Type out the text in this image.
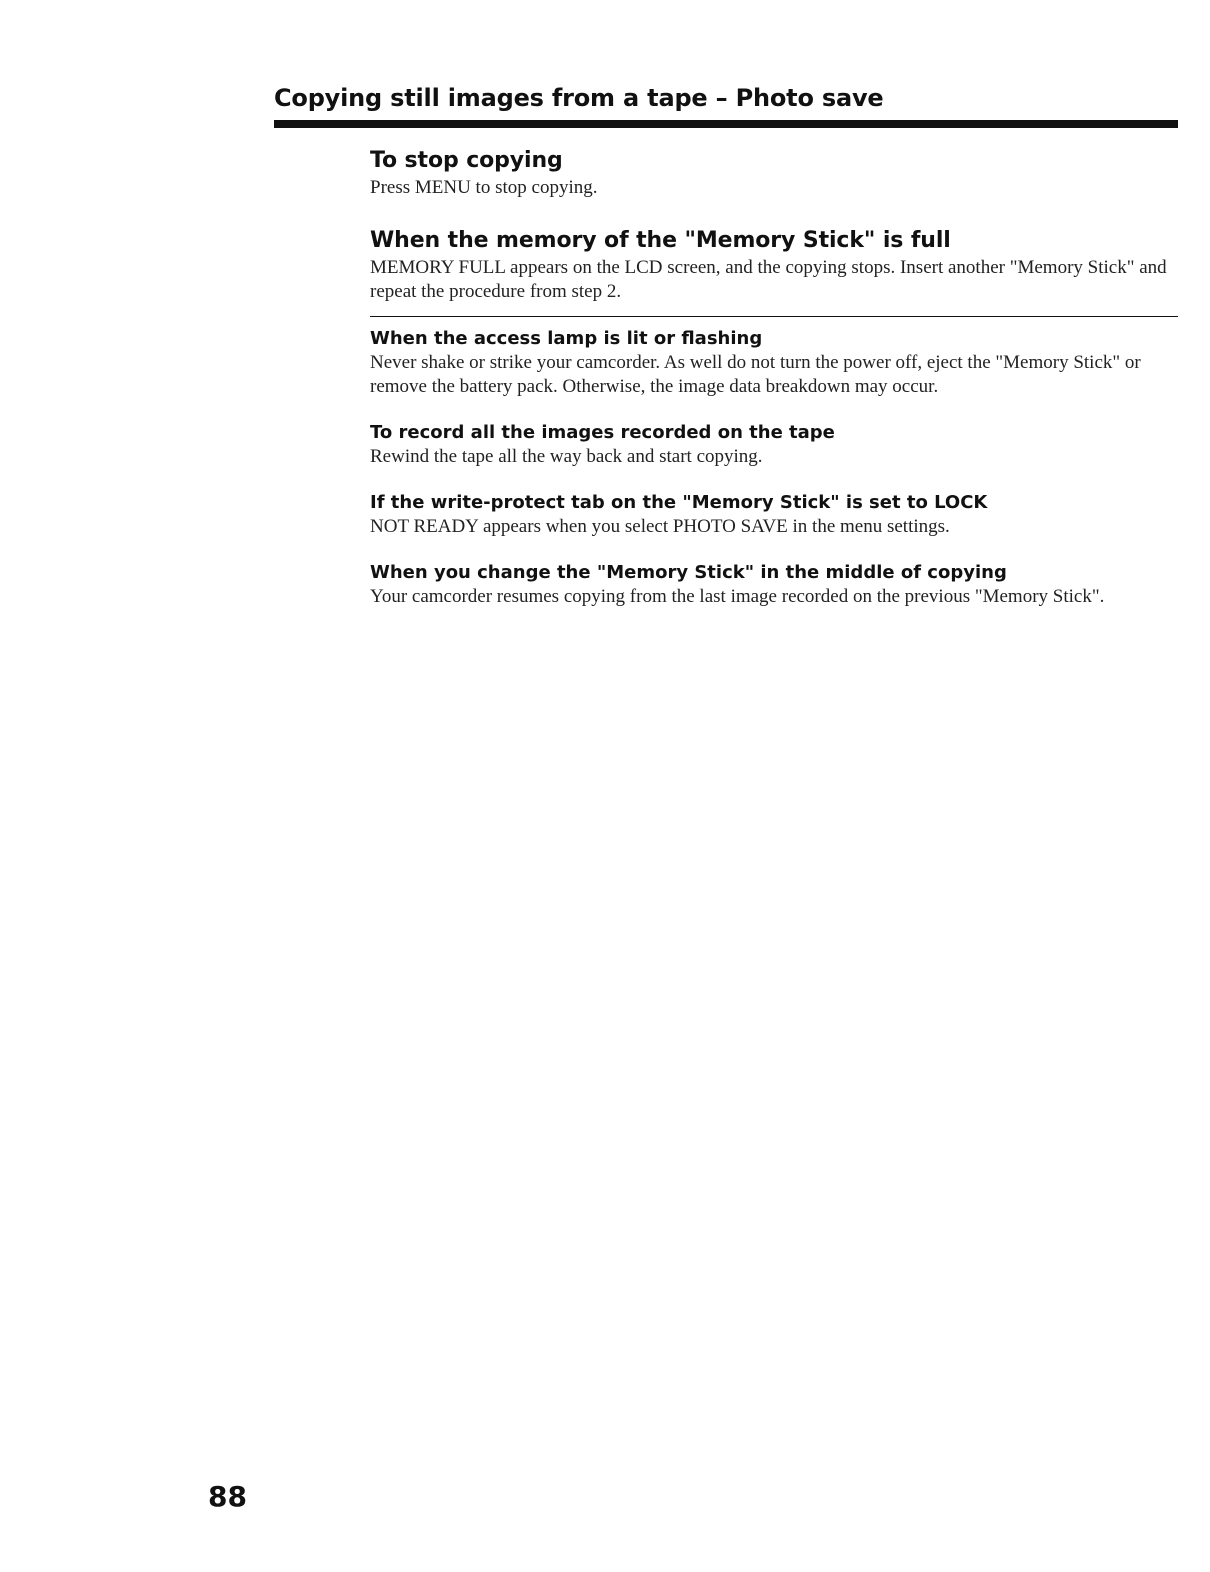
Copying still images from a tape – Photo save
To stop copying

Press MENU to stop copying.

When the memory of the "Memory Stick" is full

MEMORY FULL appears on the LCD screen, and the copying stops. Insert another "Memory Stick" and repeat the procedure from step 2.

When the access lamp is lit or flashing

Never shake or strike your camcorder. As well do not turn the power off, eject the "Memory Stick" or remove the battery pack. Otherwise, the image data breakdown may occur.

To record all the images recorded on the tape

Rewind the tape all the way back and start copying.

If the write-protect tab on the "Memory Stick" is set to LOCK

NOT READY appears when you select PHOTO SAVE in the menu settings.

When you change the "Memory Stick" in the middle of copying

Your camcorder resumes copying from the last image recorded on the previous "Memory Stick".

88
